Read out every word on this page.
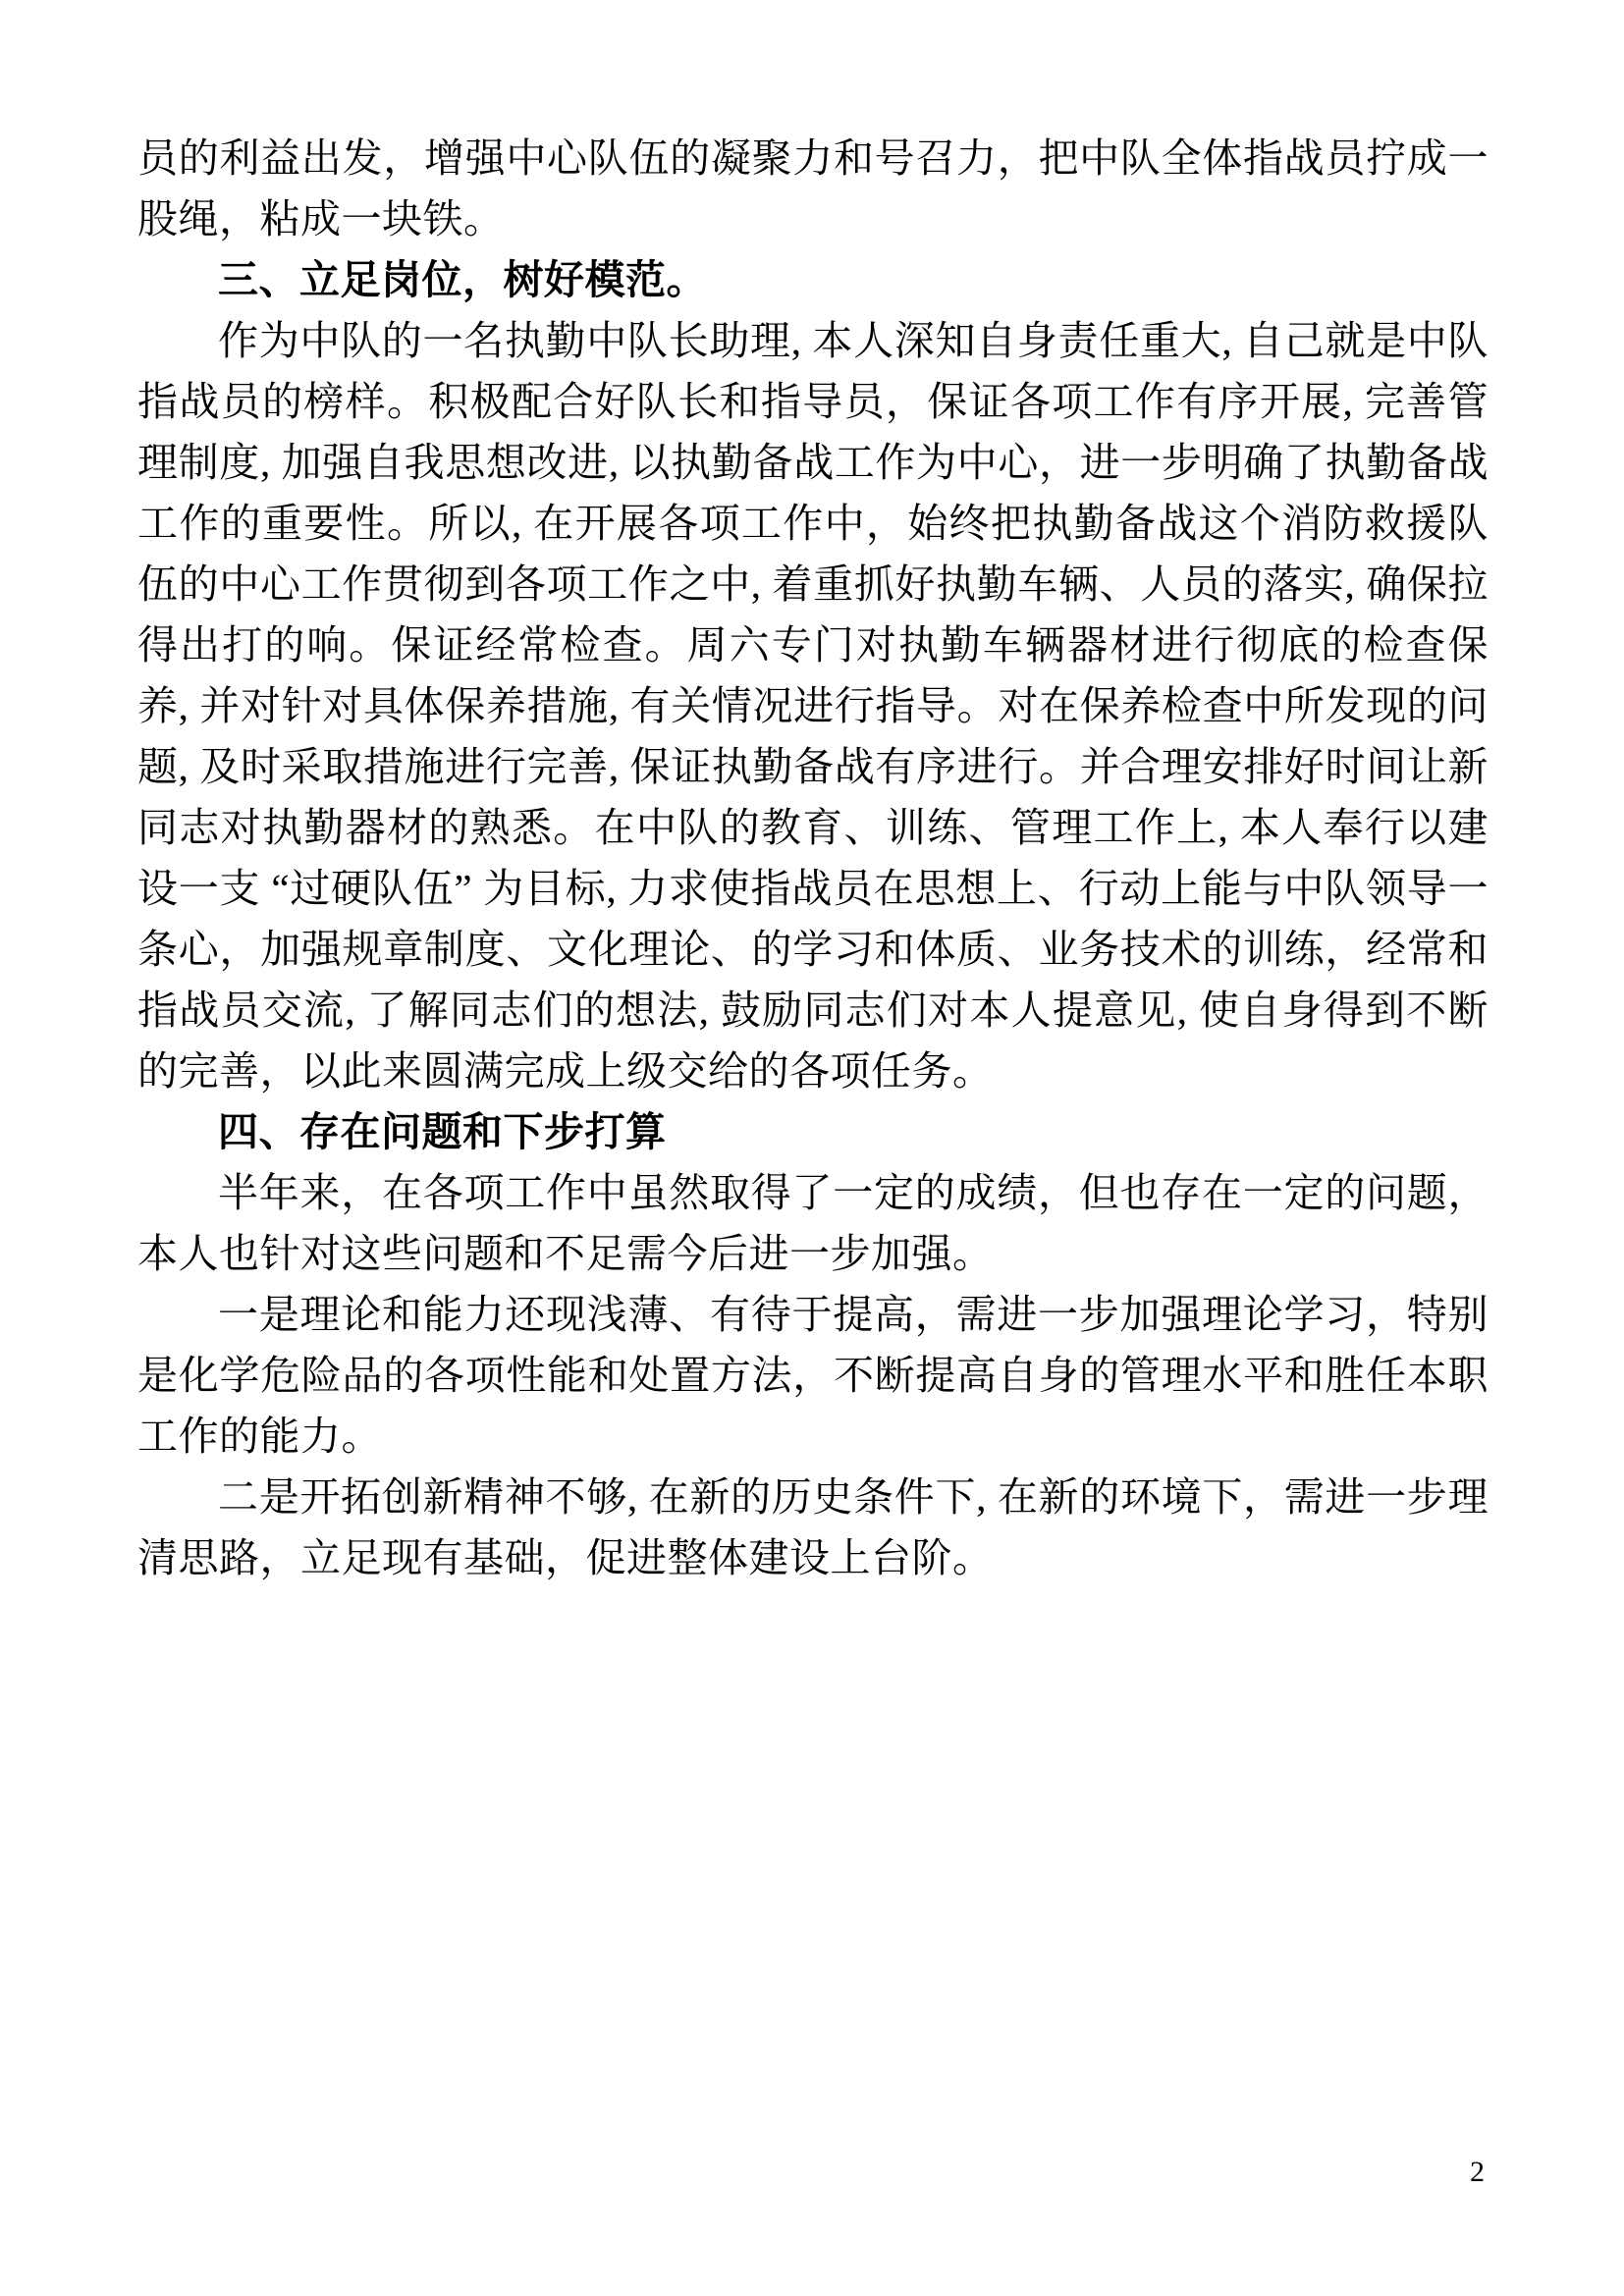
员的利益出发，增强中心队伍的凝聚力和号召力，把中队全体指战员拧成一股绳，粘成一块铁。

三、立足岗位，树好模范。

作为中队的一名执勤中队长助理, 本人深知自身责任重大, 自己就是中队指战员的榜样。积极配合好队长和指导员，保证各项工作有序开展, 完善管理制度, 加强自我思想改进, 以执勤备战工作为中心，进一步明确了执勤备战工作的重要性。所以, 在开展各项工作中，始终把执勤备战这个消防救援队伍的中心工作贯彻到各项工作之中, 着重抓好执勤车辆、人员的落实, 确保拉得出打的响。保证经常检查。周六专门对执勤车辆器材进行彻底的检查保养, 并对针对具体保养措施, 有关情况进行指导。对在保养检查中所发现的问题, 及时采取措施进行完善, 保证执勤备战有序进行。并合理安排好时间让新同志对执勤器材的熟悉。在中队的教育、训练、管理工作上, 本人奉行以建设一支 “过硬队伍” 为目标, 力求使指战员在思想上、行动上能与中队领导一条心，加强规章制度、文化理论、的学习和体质、业务技术的训练，经常和指战员交流, 了解同志们的想法, 鼓励同志们对本人提意见, 使自身得到不断的完善，以此来圆满完成上级交给的各项任务。

四、存在问题和下步打算

半年来，在各项工作中虽然取得了一定的成绩，但也存在一定的问题，本人也针对这些问题和不足需今后进一步加强。

一是理论和能力还现浅薄、有待于提高，需进一步加强理论学习，特别是化学危险品的各项性能和处置方法，不断提高自身的管理水平和胜任本职工作的能力。

二是开拓创新精神不够, 在新的历史条件下, 在新的环境下，需进一步理清思路，立足现有基础，促进整体建设上台阶。

2
